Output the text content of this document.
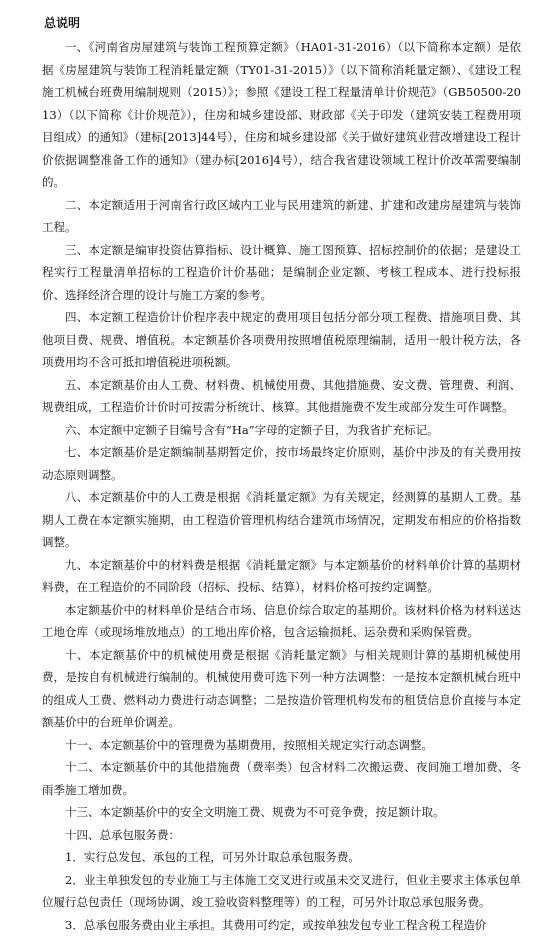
总说明

一、《河南省房屋建筑与装饰工程预算定额》（HA01-31-2016）（以下简称本定额）是依据《房屋建筑与装饰工程消耗量定额（TY01-31-2015）》（以下简称消耗量定额）、《建设工程施工机械台班费用编制规则（2015）》；参照《建设工程工程量清单计价规范》（GB50500-2013）（以下简称《计价规范》），住房和城乡建设部、财政部《关于印发（建筑安装工程费用项目组成）的通知》（建标[2013]44号），住房和城乡建设部《关于做好建筑业营改增建设工程计价依据调整准备工作的通知》（建办标[2016]4号），结合我省建设领域工程计价改革需要编制的。

二、本定额适用于河南省行政区域内工业与民用建筑的新建、扩建和改建房屋建筑与装饰工程。

三、本定额是编审投资估算指标、设计概算、施工图预算、招标控制价的依据；是建设工程实行工程量清单招标的工程造价计价基础；是编制企业定额、考核工程成本、进行投标报价、选择经济合理的设计与施工方案的参考。

四、本定额工程造价计价程序表中规定的费用项目包括分部分项工程费、措施项目费、其他项目费、规费、增值税。本定额基价各项费用按照增值税原理编制，适用一般计税方法，各项费用均不含可抵扣增值税进项税额。

五、本定额基价由人工费、材料费、机械使用费、其他措施费、安文费、管理费、利润、规费组成，工程造价计价时可按需分析统计、核算。其他措施费不发生或部分发生可作调整。

六、本定额中定额子目编号含有“Ha”字母的定额子目，为我省扩充标记。

七、本定额基价是定额编制基期暂定价，按市场最终定价原则，基价中涉及的有关费用按动态原则调整。

八、本定额基价中的人工费是根据《消耗量定额》为有关规定，经测算的基期人工费。基期人工费在本定额实施期，由工程造价管理机构结合建筑市场情况，定期发布相应的价格指数调整。

九、本定额基价中的材料费是根据《消耗量定额》与本定额基价的材料单价计算的基期材料费，在工程造价的不同阶段（招标、投标、结算），材料价格可按约定调整。

本定额基价中的材料单价是结合市场、信息价综合取定的基期价。该材料价格为材料送达工地仓库（或现场堆放地点）的工地出库价格，包含运输损耗、运杂费和采购保管费。

十、本定额基价中的机械使用费是根据《消耗量定额》与相关规则计算的基期机械使用费，是按自有机械进行编制的。机械使用费可选下列一种方法调整：一是按本定额机械台班中的组成人工费、燃料动力费进行动态调整；二是按造价管理机构发布的租赁信息价直接与本定额基价中的台班单价调差。

十一、本定额基价中的管理费为基期费用，按照相关规定实行动态调整。

十二、本定额基价中的其他措施费（费率类）包含材料二次搬运费、夜间施工增加费、冬雨季施工增加费。

十三、本定额基价中的安全文明施工费、规费为不可竞争费，按足额计取。

十四、总承包服务费：

1．实行总发包、承包的工程，可另外计取总承包服务费。

2．业主单独发包的专业施工与主体施工交叉进行或虽未交叉进行，但业主要求主体承包单位履行总包责任（现场协调、竣工验收资料整理等）的工程，可另外计取总承包服务费。

3．总承包服务费由业主承担。其费用可约定，或按单独发包专业工程含税工程造价
